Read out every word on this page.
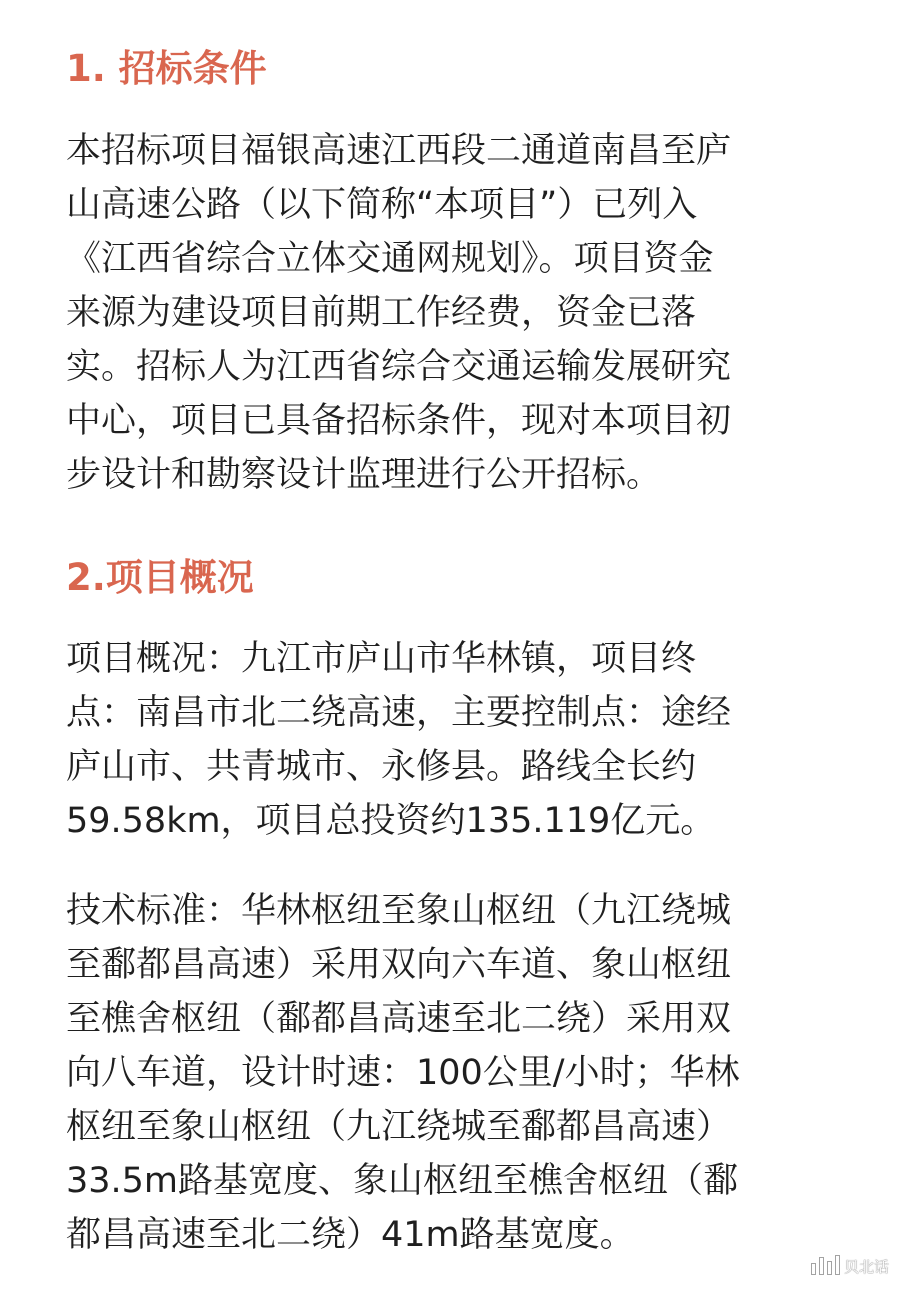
1. 招标条件
本招标项目福银高速江西段二通道南昌至庐
山高速公路（以下简称“本项目”）已列入
《江西省综合立体交通网规划》。项目资金
来源为建设项目前期工作经费，资金已落
实。招标人为江西省综合交通运输发展研究
中心，项目已具备招标条件，现对本项目初
步设计和勘察设计监理进行公开招标。
2.项目概况
项目概况：九江市庐山市华林镇，项目终
点：南昌市北二绕高速，主要控制点：途经
庐山市、共青城市、永修县。路线全长约
59.58km，项目总投资约135.119亿元。
技术标准：华林枢纽至象山枢纽（九江绕城
至鄱都昌高速）采用双向六车道、象山枢纽
至樵舍枢纽（鄱都昌高速至北二绕）采用双
向八车道，设计时速：100公里/小时；华林
枢纽至象山枢纽（九江绕城至鄱都昌高速）
33.5m路基宽度、象山枢纽至樵舍枢纽（鄱
都昌高速至北二绕）41m路基宽度。
贝北话
